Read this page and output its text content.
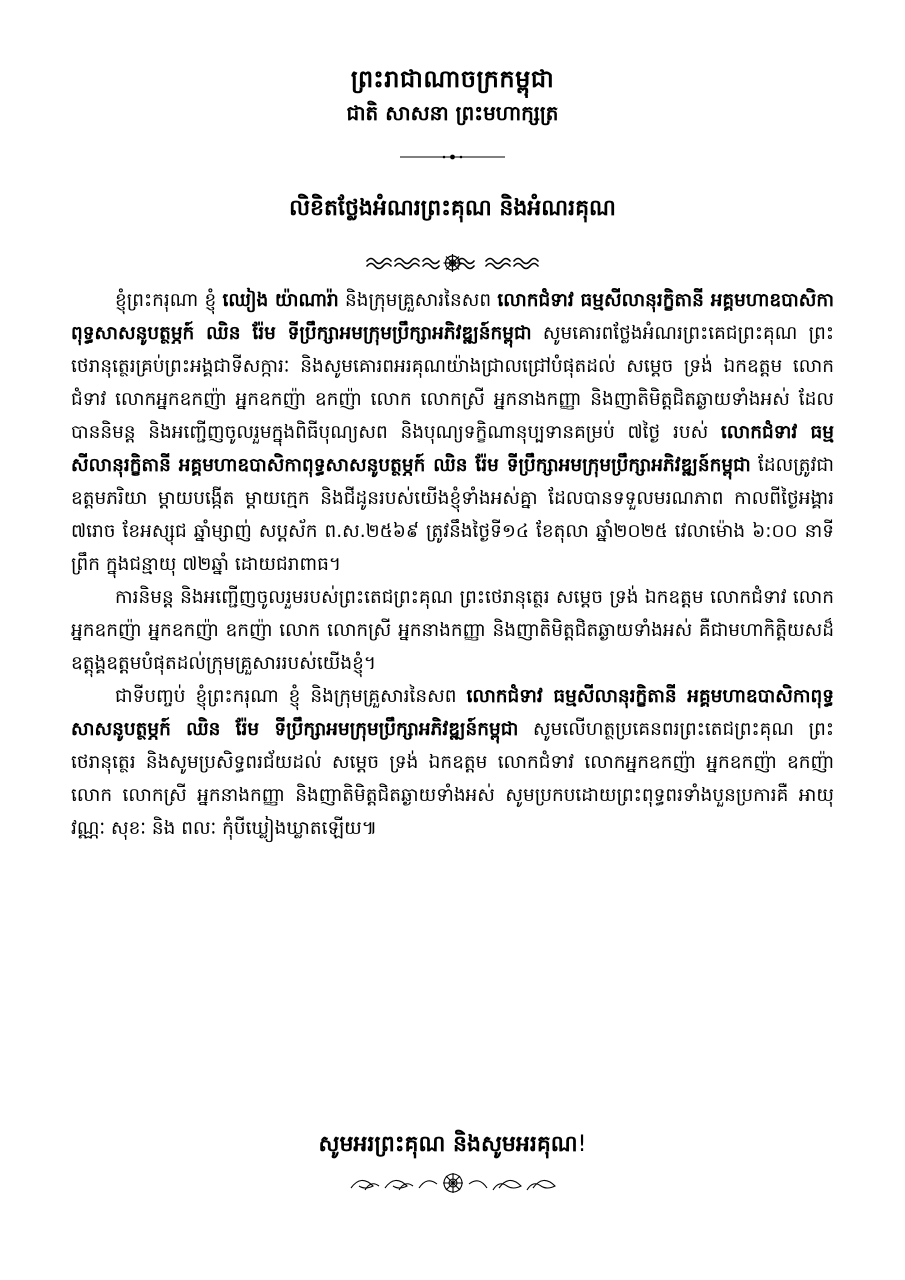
ព្រះរាជាណាចក្រកម្ពុជា
ជាតិ សាសនា ព្រះមហាក្សត្រ
លិខិតថ្លែងអំណរព្រះគុណ និងអំណរគុណ

ខ្ញុំព្រះករុណា ខ្ញុំ ឈៀង យ៉ាណារ៉ា និងក្រុមគ្រួសារនៃសព លោកជំទាវ ធម្មសីលានុរក្ខិតានី អគ្គមហាឧបាសិកាពុទ្ធសាសនូបត្ថម្ភក៍ ឈិន រ៉ែម ទីប្រឹក្សាអមក្រុមប្រឹក្សាអភិវឌ្ឍន៍កម្ពុជា សូមគោរពថ្លែងអំណរព្រះគេជព្រះគុណ ព្រះថេរានុត្ថេរគ្រប់ព្រះអង្គជាទីសក្ការៈ និងសូមគោរពអរគុណយ៉ាងជ្រាលជ្រៅបំផុតដល់ សម្តេច ទ្រង់ ឯកឧត្តម លោកជំទាវ លោកអ្នកឧកញ៉ា អ្នកឧកញ៉ា ឧកញ៉ា លោក លោកស្រី អ្នកនាងកញ្ញា និងញាតិមិត្តជិតឆ្ងាយទាំងអស់ ដែលបាននិមន្ត និងអញ្ជើញចូលរួមក្នុងពិធីបុណ្យសព និងបុណ្យទក្ខិណានុប្បទានគម្រប់ ៧ថ្ងៃ របស់ លោកជំទាវ ធម្មសីលានុរក្ខិតានី អគ្គមហាឧបាសិកាពុទ្ធសាសនូបត្ថម្ភក៍ ឈិន រ៉ែម ទីប្រឹក្សាអមក្រុមប្រឹក្សាអភិវឌ្ឍន៍កម្ពុជា ដែលត្រូវជាឧត្តមភរិយា ម្ដាយបង្កើត ម្ដាយក្មេក និងជីដូនរបស់យើងខ្ញុំទាំងអស់គ្នា ដែលបានទទួលមរណភាព កាលពីថ្ងៃអង្គារ ៧រោច ខែអស្សុជ ឆ្នាំម្សាញ់ សប្តស័ក ព.ស.២៥៦៩ ត្រូវនឹងថ្ងៃទី១៤ ខែតុលា ឆ្នាំ២០២៥ វេលាម៉ោង ៦:០០ នាទីព្រឹក ក្នុងជន្មាយុ ៧២ឆ្នាំ ដោយជរាពាធ។

ការនិមន្ត និងអញ្ជើញចូលរួមរបស់ព្រះតេជព្រះគុណ ព្រះថេរានុត្ថេរ សម្តេច ទ្រង់ ឯកឧត្តម លោកជំទាវ លោកអ្នកឧកញ៉ា អ្នកឧកញ៉ា ឧកញ៉ា លោក លោកស្រី អ្នកនាងកញ្ញា និងញាតិមិត្តជិតឆ្ងាយទាំងអស់ គឺជាមហាកិត្តិយសដ៏ឧត្តុង្គឧត្តមបំផុតដល់ក្រុមគ្រួសាររបស់យើងខ្ញុំ។

ជាទីបញ្ចប់ ខ្ញុំព្រះករុណា ខ្ញុំ និងក្រុមគ្រួសារនៃសព លោកជំទាវ ធម្មសីលានុរក្ខិតានី អគ្គមហាឧបាសិកាពុទ្ធសាសនូបត្ថម្ភក៍ ឈិន រ៉ែម ទីប្រឹក្សាអមក្រុមប្រឹក្សាអភិវឌ្ឍន៍កម្ពុជា សូមលើហត្ថប្រគេនពរព្រះតេជព្រះគុណ ព្រះថេរានុត្ថេរ និងសូមប្រសិទ្ធពរជ័យដល់ សម្តេច ទ្រង់ ឯកឧត្តម លោកជំទាវ លោកអ្នកឧកញ៉ា អ្នកឧកញ៉ា ឧកញ៉ា លោក លោកស្រី អ្នកនាងកញ្ញា និងញាតិមិត្តជិតឆ្ងាយទាំងអស់ សូមប្រកបដោយព្រះពុទ្ធពរទាំងបួនប្រការគឺ អាយុ វណ្ណៈ សុខៈ និង ពលៈ កុំបីឃ្លៀងឃ្លាតឡើយ៕

សូមអរព្រះគុណ និងសូមអរគុណ!
